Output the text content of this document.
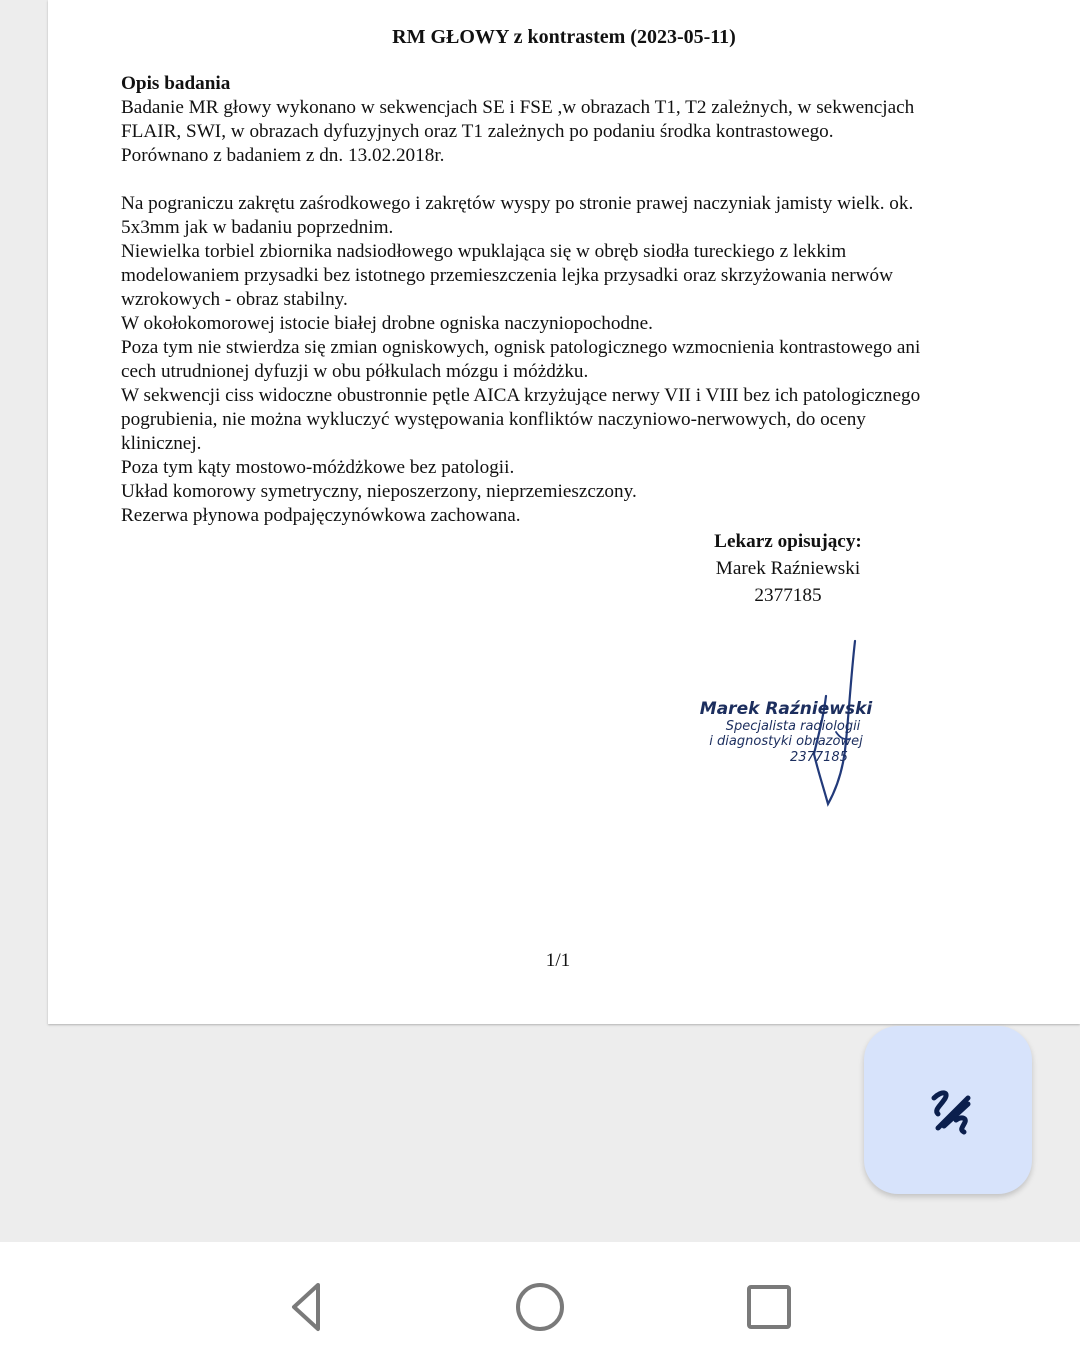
RM GŁOWY z kontrastem (2023-05-11)
Opis badania

Badanie MR głowy wykonano w sekwencjach SE i FSE ,w obrazach T1, T2 zależnych, w sekwencjach

FLAIR, SWI, w obrazach dyfuzyjnych oraz T1 zależnych po podaniu środka kontrastowego.

Porównano z badaniem z dn. 13.02.2018r.

Na pograniczu zakrętu zaśrodkowego i zakrętów wyspy po stronie prawej naczyniak jamisty wielk. ok.

5x3mm jak w badaniu poprzednim.

Niewielka torbiel zbiornika nadsiodłowego wpuklająca się w obręb siodła tureckiego z lekkim

modelowaniem przysadki bez istotnego przemieszczenia lejka przysadki oraz skrzyżowania nerwów

wzrokowych - obraz stabilny.

W okołokomorowej istocie białej drobne ogniska naczyniopochodne.

Poza tym nie stwierdza się zmian ogniskowych, ognisk patologicznego wzmocnienia kontrastowego ani

cech utrudnionej dyfuzji w obu półkulach mózgu i móżdżku.

W sekwencji ciss widoczne obustronnie pętle AICA krzyżujące nerwy VII i VIII bez ich patologicznego

pogrubienia, nie można wykluczyć występowania konfliktów naczyniowo-nerwowych, do oceny

klinicznej.

Poza tym kąty mostowo-móżdżkowe bez patologii.

Układ komorowy symetryczny, nieposzerzony, nieprzemieszczony.

Rezerwa płynowa podpajęczynówkowa zachowana.

Lekarz opisujący:
Marek Raźniewski
2377185
Marek Raźniewski
Specjalista radiologii
i diagnostyki obrazowej
2377185
1/1
